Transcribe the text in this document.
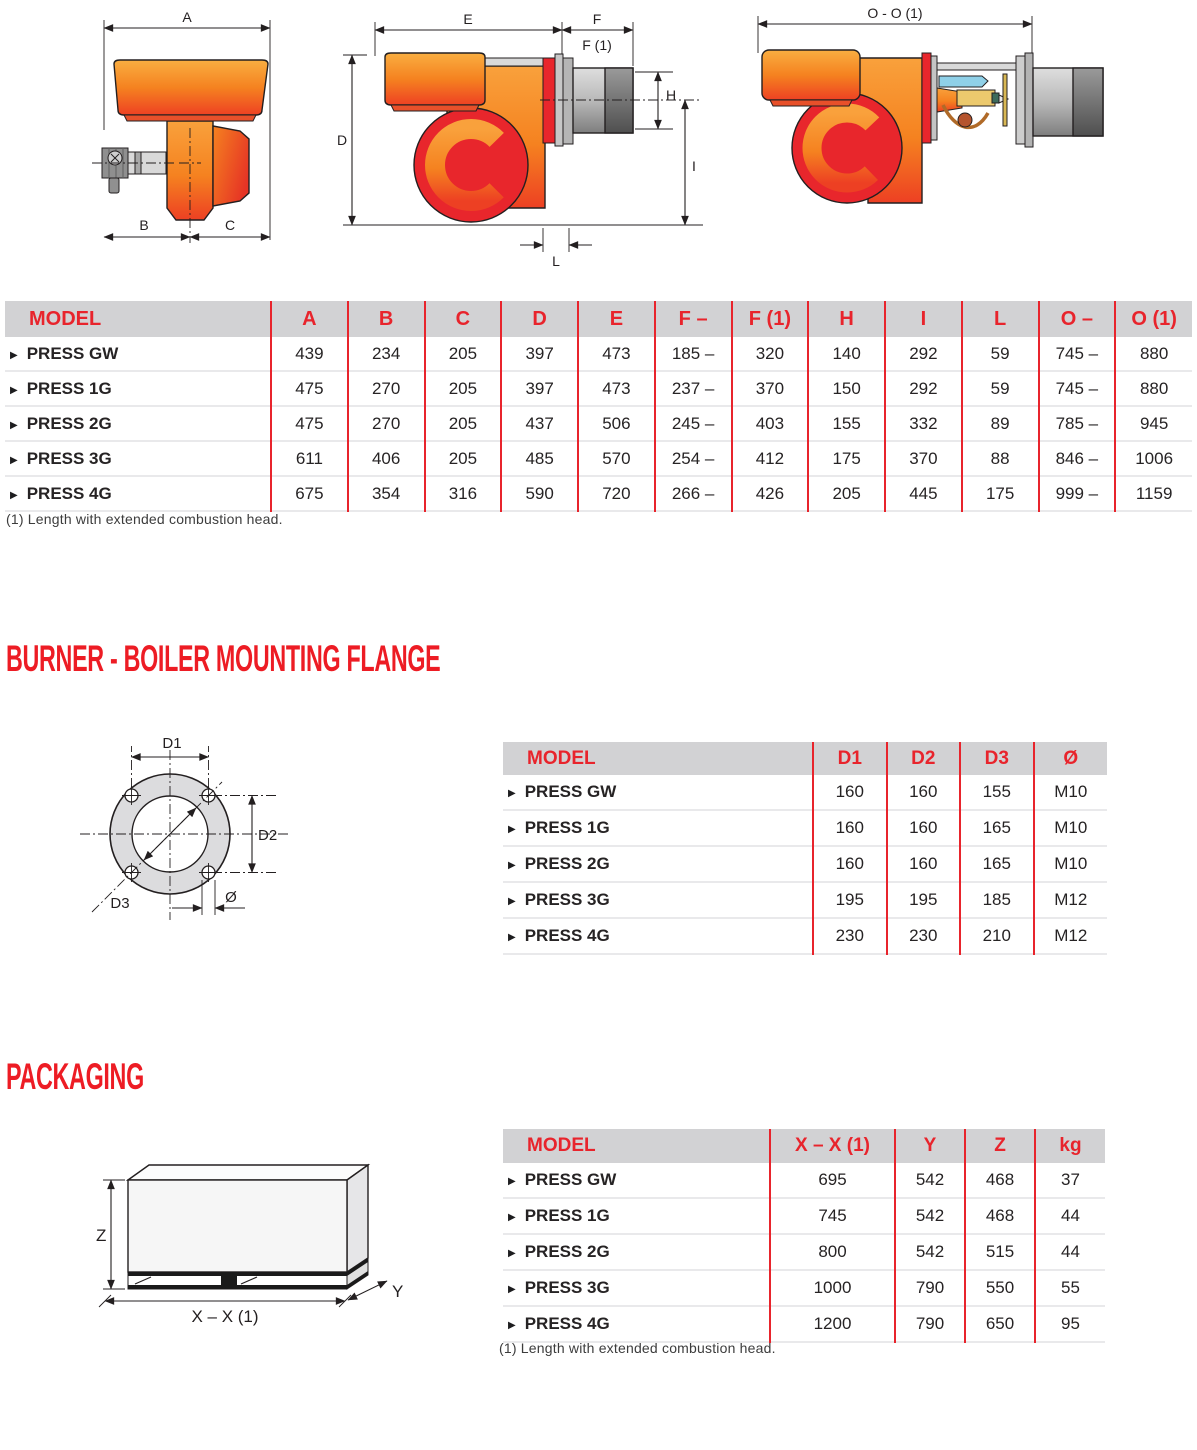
A
B	C
E	F
F (1)
D
H
I
L
O - O (1)
MODEL	A	B	C	D	E	F –	F (1)	H	I	L	O –	O (1)
▶ PRESS GW	439	234	205	397	473	185 –	320	140	292	59	745 –	880
▶ PRESS 1G	475	270	205	397	473	237 –	370	150	292	59	745 –	880
▶ PRESS 2G	475	270	205	437	506	245 –	403	155	332	89	785 –	945
▶ PRESS 3G	611	406	205	485	570	254 –	412	175	370	88	846 –	1006
▶ PRESS 4G	675	354	316	590	720	266 –	426	205	445	175	999 –	1159
(1) Length with extended combustion head.
BURNER - BOILER MOUNTING FLANGE
D1
D2
D3	Ø
MODEL	D1	D2	D3	Ø
▶ PRESS GW	160	160	155	M10
▶ PRESS 1G	160	160	165	M10
▶ PRESS 2G	160	160	165	M10
▶ PRESS 3G	195	195	185	M12
▶ PRESS 4G	230	230	210	M12
PACKAGING
Z
X – X (1)
Y
MODEL	X – X (1)	Y	Z	kg
▶ PRESS GW	695	542	468	37
▶ PRESS 1G	745	542	468	44
▶ PRESS 2G	800	542	515	44
▶ PRESS 3G	1000	790	550	55
▶ PRESS 4G	1200	790	650	95
(1) Length with extended combustion head.
